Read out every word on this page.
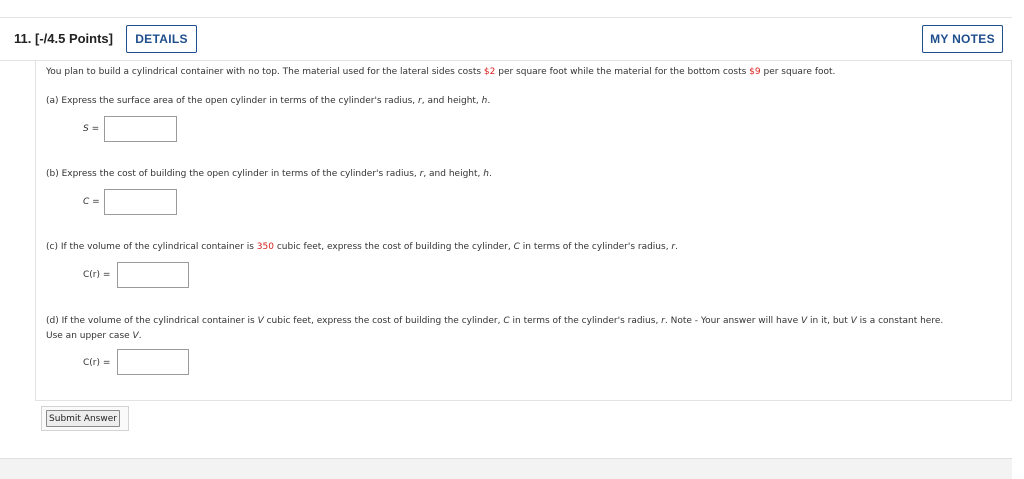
11. [-/4.5 Points]	DETAILS	MY NOTES
You plan to build a cylindrical container with no top. The material used for the lateral sides costs $2 per square foot while the material for the bottom costs $9 per square foot.
(a) Express the surface area of the open cylinder in terms of the cylinder's radius, r, and height, h.
S =
(b) Express the cost of building the open cylinder in terms of the cylinder's radius, r, and height, h.
C =
(c) If the volume of the cylindrical container is 350 cubic feet, express the cost of building the cylinder, C in terms of the cylinder's radius, r.
C(r) =
(d) If the volume of the cylindrical container is V cubic feet, express the cost of building the cylinder, C in terms of the cylinder's radius, r. Note - Your answer will have V in it, but V is a constant here.
Use an upper case V.
C(r) =
Submit Answer
